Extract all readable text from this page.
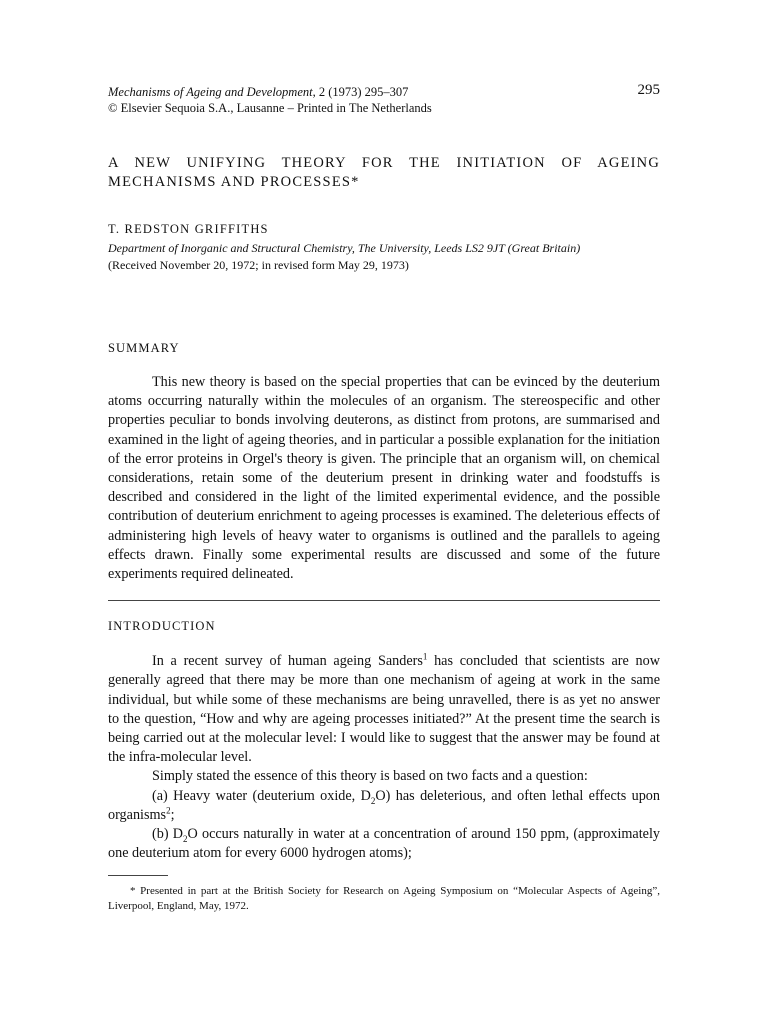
Mechanisms of Ageing and Development, 2 (1973) 295–307	295
© Elsevier Sequoia S.A., Lausanne – Printed in The Netherlands
A NEW UNIFYING THEORY FOR THE INITIATION OF AGEING
MECHANISMS AND PROCESSES*
T. REDSTON GRIFFITHS
Department of Inorganic and Structural Chemistry, The University, Leeds LS2 9JT (Great Britain)
(Received November 20, 1972; in revised form May 29, 1973)
SUMMARY

This new theory is based on the special properties that can be evinced by the deuterium atoms occurring naturally within the molecules of an organism. The stereospecific and other properties peculiar to bonds involving deuterons, as distinct from protons, are summarised and examined in the light of ageing theories, and in particular a possible explanation for the initiation of the error proteins in Orgel's theory is given. The principle that an organism will, on chemical considerations, retain some of the deuterium present in drinking water and foodstuffs is described and considered in the light of the limited experimental evidence, and the possible contribution of deuterium enrichment to ageing processes is examined. The deleterious effects of administering high levels of heavy water to organisms is outlined and the parallels to ageing effects drawn. Finally some experimental results are discussed and some of the future experiments required delineated.

INTRODUCTION

In a recent survey of human ageing Sanders$^1$ has concluded that scientists are now generally agreed that there may be more than one mechanism of ageing at work in the same individual, but while some of these mechanisms are being unravelled, there is as yet no answer to the question, “How and why are ageing processes initiated?” At the present time the search is being carried out at the molecular level: I would like to suggest that the answer may be found at the infra-molecular level.

Simply stated the essence of this theory is based on two facts and a question:

(a) Heavy water (deuterium oxide, $D_2O$) has deleterious, and often lethal effects upon organisms$^2$;

(b) $D_2O$ occurs naturally in water at a concentration of around 150 ppm, (approximately one deuterium atom for every 6000 hydrogen atoms);

* Presented in part at the British Society for Research on Ageing Symposium on “Molecular Aspects of Ageing”, Liverpool, England, May, 1972.
